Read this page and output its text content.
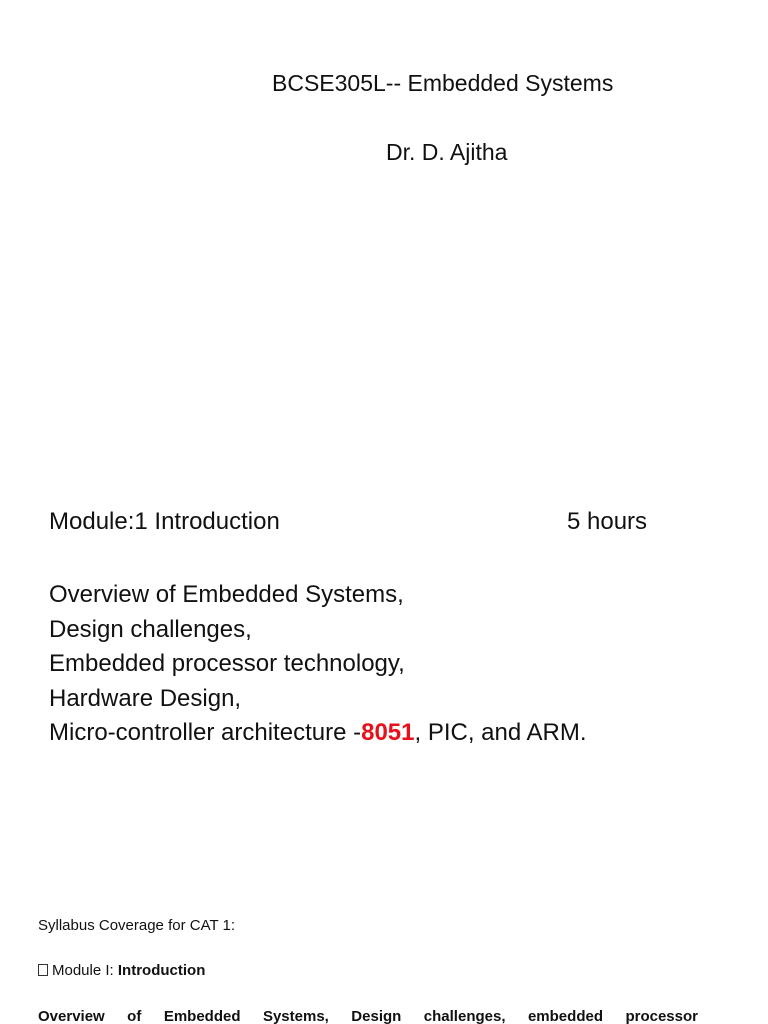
BCSE305L-- Embedded Systems
Dr. D. Ajitha
Module:1 Introduction	5 hours
Overview of Embedded Systems,
Design challenges,
Embedded processor technology,
Hardware Design,
Micro-controller architecture -8051, PIC, and ARM.
Syllabus Coverage for CAT 1:
Module I: Introduction
Overview of Embedded Systems, Design challenges, embedded processor
